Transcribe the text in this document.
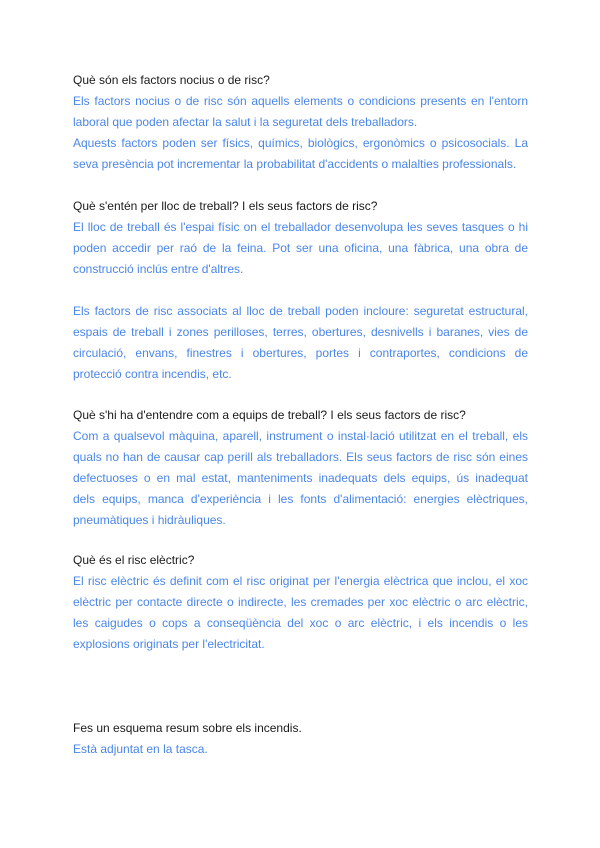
Què són els factors nocius o de risc?
Els factors nocius o de risc són aquells elements o condicions presents en l'entorn
laboral que poden afectar la salut i la seguretat dels treballadors.
Aquests factors poden ser físics, químics, biològics, ergonòmics o psicosocials. La
seva presència pot incrementar la probabilitat d'accidents o malalties professionals.
Què s'entén per lloc de treball? I els seus factors de risc?
El lloc de treball és l'espai físic on el treballador desenvolupa les seves tasques o hi
poden accedir per raó de la feina. Pot ser una oficina, una fàbrica, una obra de
construcció inclús entre d'altres.
Els factors de risc associats al lloc de treball poden incloure: seguretat estructural,
espais de treball i zones perilloses, terres, obertures, desnivells i baranes, vies de
circulació, envans, finestres i obertures, portes i contraportes, condicions de
protecció contra incendis, etc.
Què s'hi ha d'entendre com a equips de treball? I els seus factors de risc?
Com a qualsevol màquina, aparell, instrument o instal·lació utilitzat en el treball, els
quals no han de causar cap perill als treballadors. Els seus factors de risc són eines
defectuoses o en mal estat, manteniments inadequats dels equips, ús inadequat
dels equips, manca d'experiència i les fonts d'alimentació: energies elèctriques,
pneumàtiques i hidràuliques.
Què és el risc elèctric?
El risc elèctric és definit com el risc originat per l'energia elèctrica que inclou, el xoc
elèctric per contacte directe o indirecte, les cremades per xoc elèctric o arc elèctric,
les caigudes o cops a conseqüència del xoc o arc elèctric, i els incendis o les
explosions originats per l'electricitat.
Fes un esquema resum sobre els incendis.
Està adjuntat en la tasca.
